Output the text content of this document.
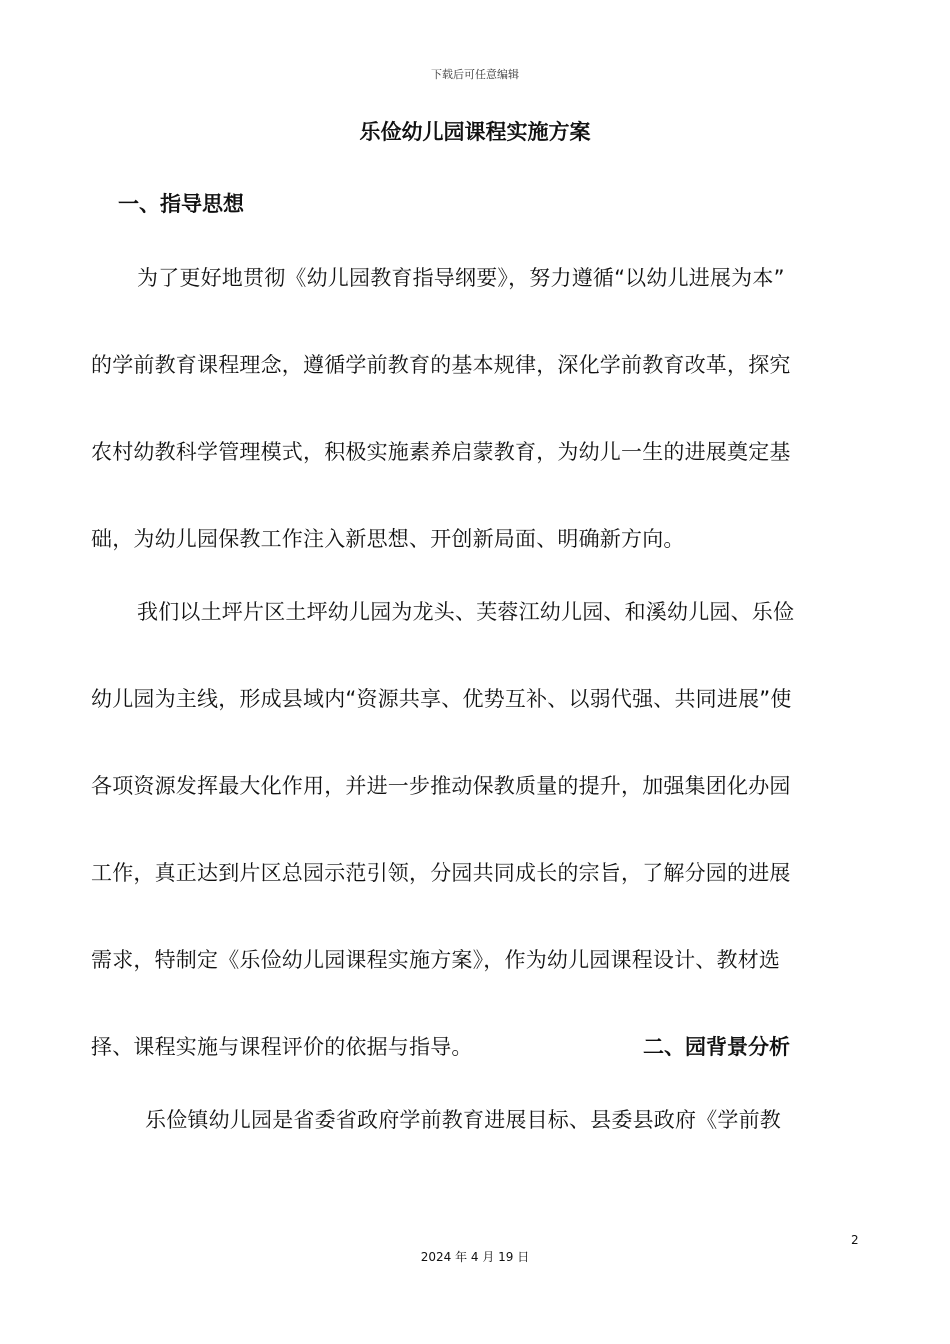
下载后可任意编辑
乐俭幼儿园课程实施方案
一、指导思想
为了更好地贯彻《幼儿园教育指导纲要》，努力遵循“以幼儿进展为本”
的学前教育课程理念，遵循学前教育的基本规律，深化学前教育改革，探究
农村幼教科学管理模式，积极实施素养启蒙教育，为幼儿一生的进展奠定基
础，为幼儿园保教工作注入新思想、开创新局面、明确新方向。
我们以土坪片区土坪幼儿园为龙头、芙蓉江幼儿园、和溪幼儿园、乐俭
幼儿园为主线，形成县域内“资源共享、优势互补、以弱代强、共同进展”使
各项资源发挥最大化作用，并进一步推动保教质量的提升，加强集团化办园
工作，真正达到片区总园示范引领，分园共同成长的宗旨，了解分园的进展
需求，特制定《乐俭幼儿园课程实施方案》，作为幼儿园课程设计、教材选
择、课程实施与课程评价的依据与指导。	二、园背景分析
乐俭镇幼儿园是省委省政府学前教育进展目标、县委县政府《学前教
2
2024 年 4 月 19 日
